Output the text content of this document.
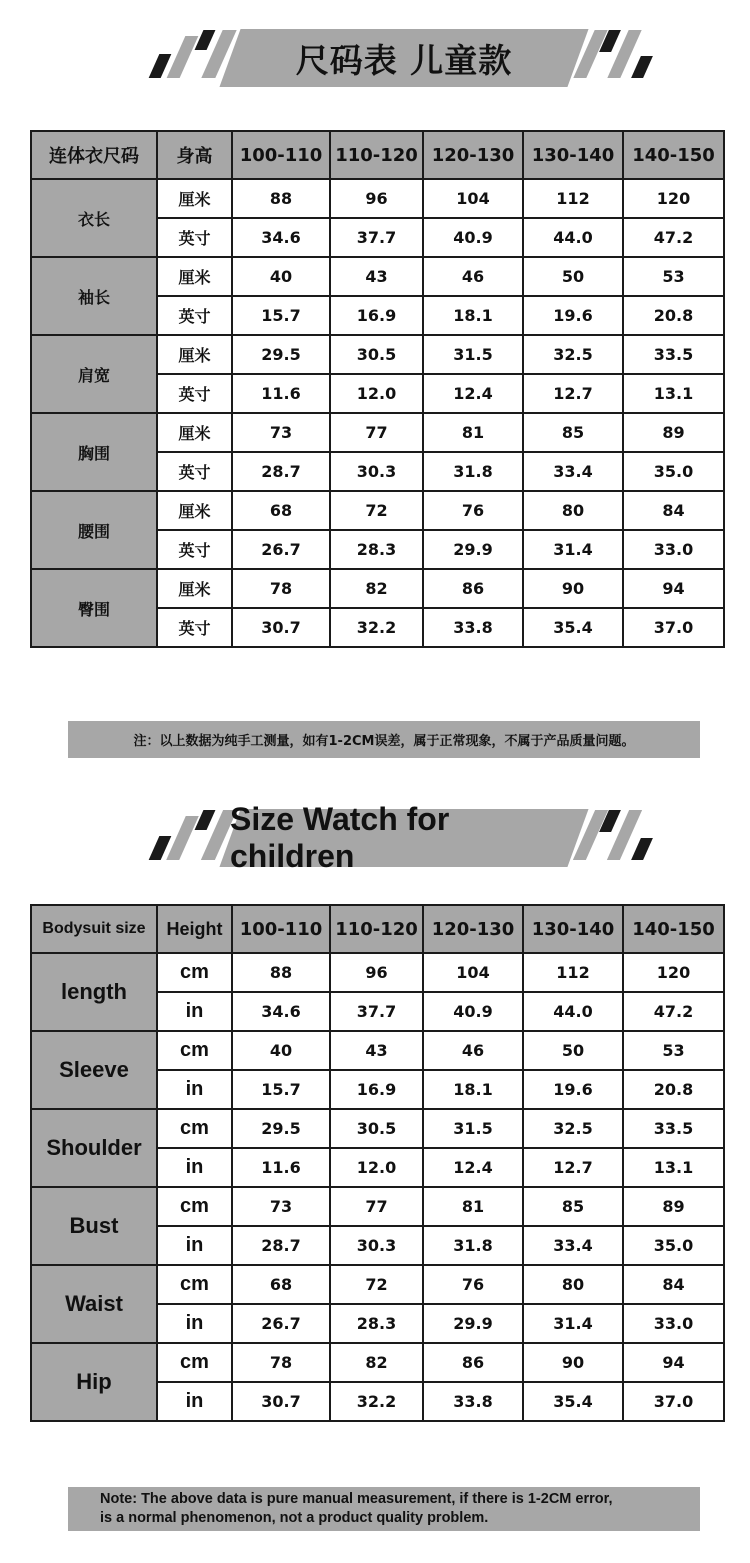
尺码表 儿童款
连体衣尺码	身高	100-110	110-120	120-130	130-140	140-150
衣长	厘米	88	96	104	112	120
	英寸	34.6	37.7	40.9	44.0	47.2
袖长	厘米	40	43	46	50	53
	英寸	15.7	16.9	18.1	19.6	20.8
肩宽	厘米	29.5	30.5	31.5	32.5	33.5
	英寸	11.6	12.0	12.4	12.7	13.1
胸围	厘米	73	77	81	85	89
	英寸	28.7	30.3	31.8	33.4	35.0
腰围	厘米	68	72	76	80	84
	英寸	26.7	28.3	29.9	31.4	33.0
臀围	厘米	78	82	86	90	94
	英寸	30.7	32.2	33.8	35.4	37.0
注：以上数据为纯手工测量，如有1-2CM误差，属于正常现象，不属于产品质量问题。
Size Watch for children
Bodysuit size	Height	100-110	110-120	120-130	130-140	140-150
length	cm	88	96	104	112	120
	in	34.6	37.7	40.9	44.0	47.2
Sleeve	cm	40	43	46	50	53
	in	15.7	16.9	18.1	19.6	20.8
Shoulder	cm	29.5	30.5	31.5	32.5	33.5
	in	11.6	12.0	12.4	12.7	13.1
Bust	cm	73	77	81	85	89
	in	28.7	30.3	31.8	33.4	35.0
Waist	cm	68	72	76	80	84
	in	26.7	28.3	29.9	31.4	33.0
Hip	cm	78	82	86	90	94
	in	30.7	32.2	33.8	35.4	37.0
Note: The above data is pure manual measurement, if there is 1-2CM error,
is a normal phenomenon, not a product quality problem.
